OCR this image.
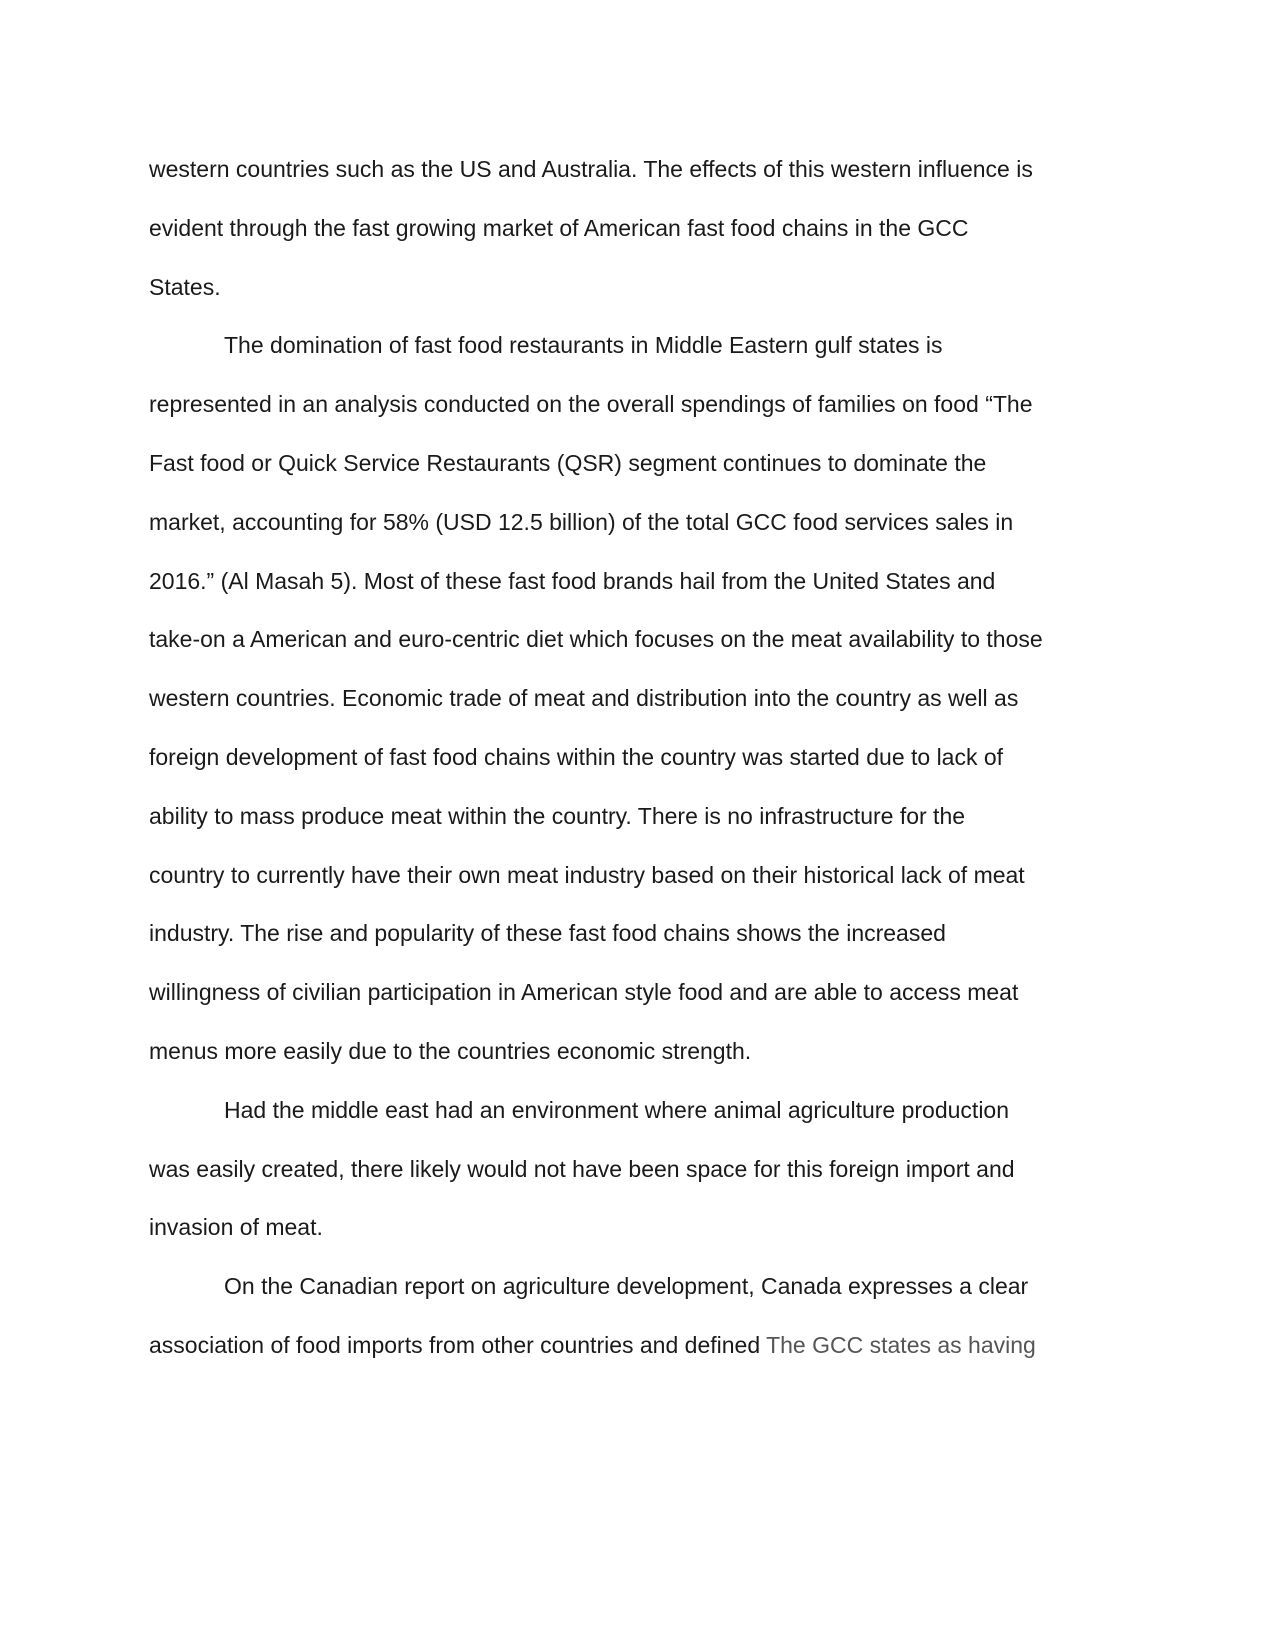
western countries such as the US and Australia. The effects of this western influence is
evident through the fast growing market of American fast food chains in the GCC
States.
The domination of fast food restaurants in Middle Eastern gulf states is
represented in an analysis conducted on the overall spendings of families on food “The
Fast food or Quick Service Restaurants (QSR) segment continues to dominate the
market, accounting for 58% (USD 12.5 billion) of the total GCC food services sales in
2016.” (Al Masah 5). Most of these fast food brands hail from the United States and
take-on a American and euro-centric diet which focuses on the meat availability to those
western countries. Economic trade of meat and distribution into the country as well as
foreign development of fast food chains within the country was started due to lack of
ability to mass produce meat within the country. There is no infrastructure for the
country to currently have their own meat industry based on their historical lack of meat
industry. The rise and popularity of these fast food chains shows the increased
willingness of civilian participation in American style food and are able to access meat
menus more easily due to the countries economic strength.
Had the middle east had an environment where animal agriculture production
was easily created, there likely would not have been space for this foreign import and
invasion of meat.
On the Canadian report on agriculture development, Canada expresses a clear
association of food imports from other countries and defined The GCC states as having
